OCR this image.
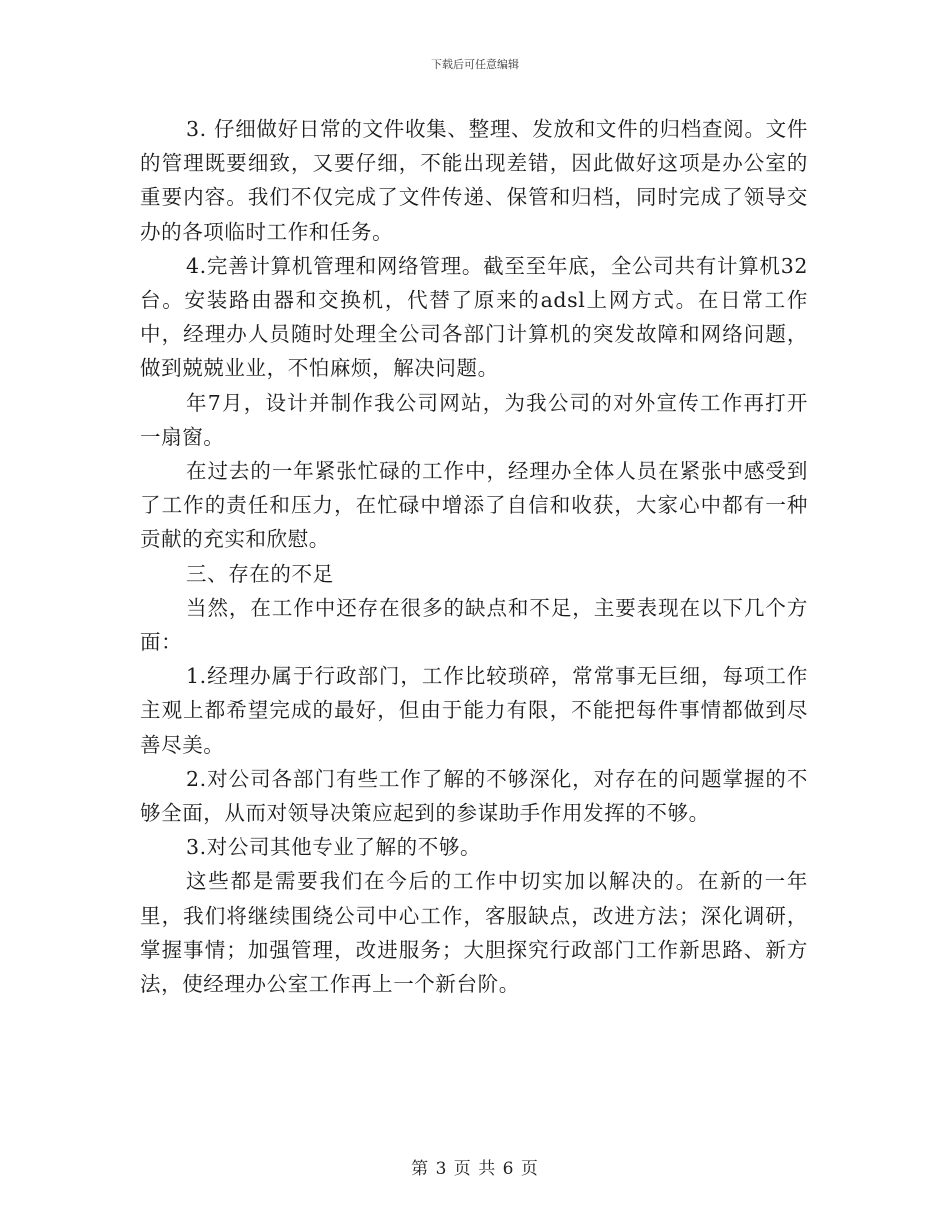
下载后可任意编辑

3. 仔细做好日常的文件收集、整理、发放和文件的归档查阅。文件的管理既要细致，又要仔细，不能出现差错，因此做好这项是办公室的重要内容。我们不仅完成了文件传递、保管和归档，同时完成了领导交办的各项临时工作和任务。

4.完善计算机管理和网络管理。截至至年底，全公司共有计算机32台。安装路由器和交换机，代替了原来的adsl上网方式。在日常工作中，经理办人员随时处理全公司各部门计算机的突发故障和网络问题，做到兢兢业业，不怕麻烦，解决问题。

年7月，设计并制作我公司网站，为我公司的对外宣传工作再打开一扇窗。

在过去的一年紧张忙碌的工作中，经理办全体人员在紧张中感受到了工作的责任和压力，在忙碌中增添了自信和收获，大家心中都有一种贡献的充实和欣慰。

三、存在的不足

当然，在工作中还存在很多的缺点和不足，主要表现在以下几个方面：

1.经理办属于行政部门，工作比较琐碎，常常事无巨细，每项工作主观上都希望完成的最好，但由于能力有限，不能把每件事情都做到尽善尽美。

2.对公司各部门有些工作了解的不够深化，对存在的问题掌握的不够全面，从而对领导决策应起到的参谋助手作用发挥的不够。

3.对公司其他专业了解的不够。

这些都是需要我们在今后的工作中切实加以解决的。在新的一年里，我们将继续围绕公司中心工作，客服缺点，改进方法；深化调研，掌握事情；加强管理，改进服务；大胆探究行政部门工作新思路、新方法，使经理办公室工作再上一个新台阶。

第 3 页 共 6 页
